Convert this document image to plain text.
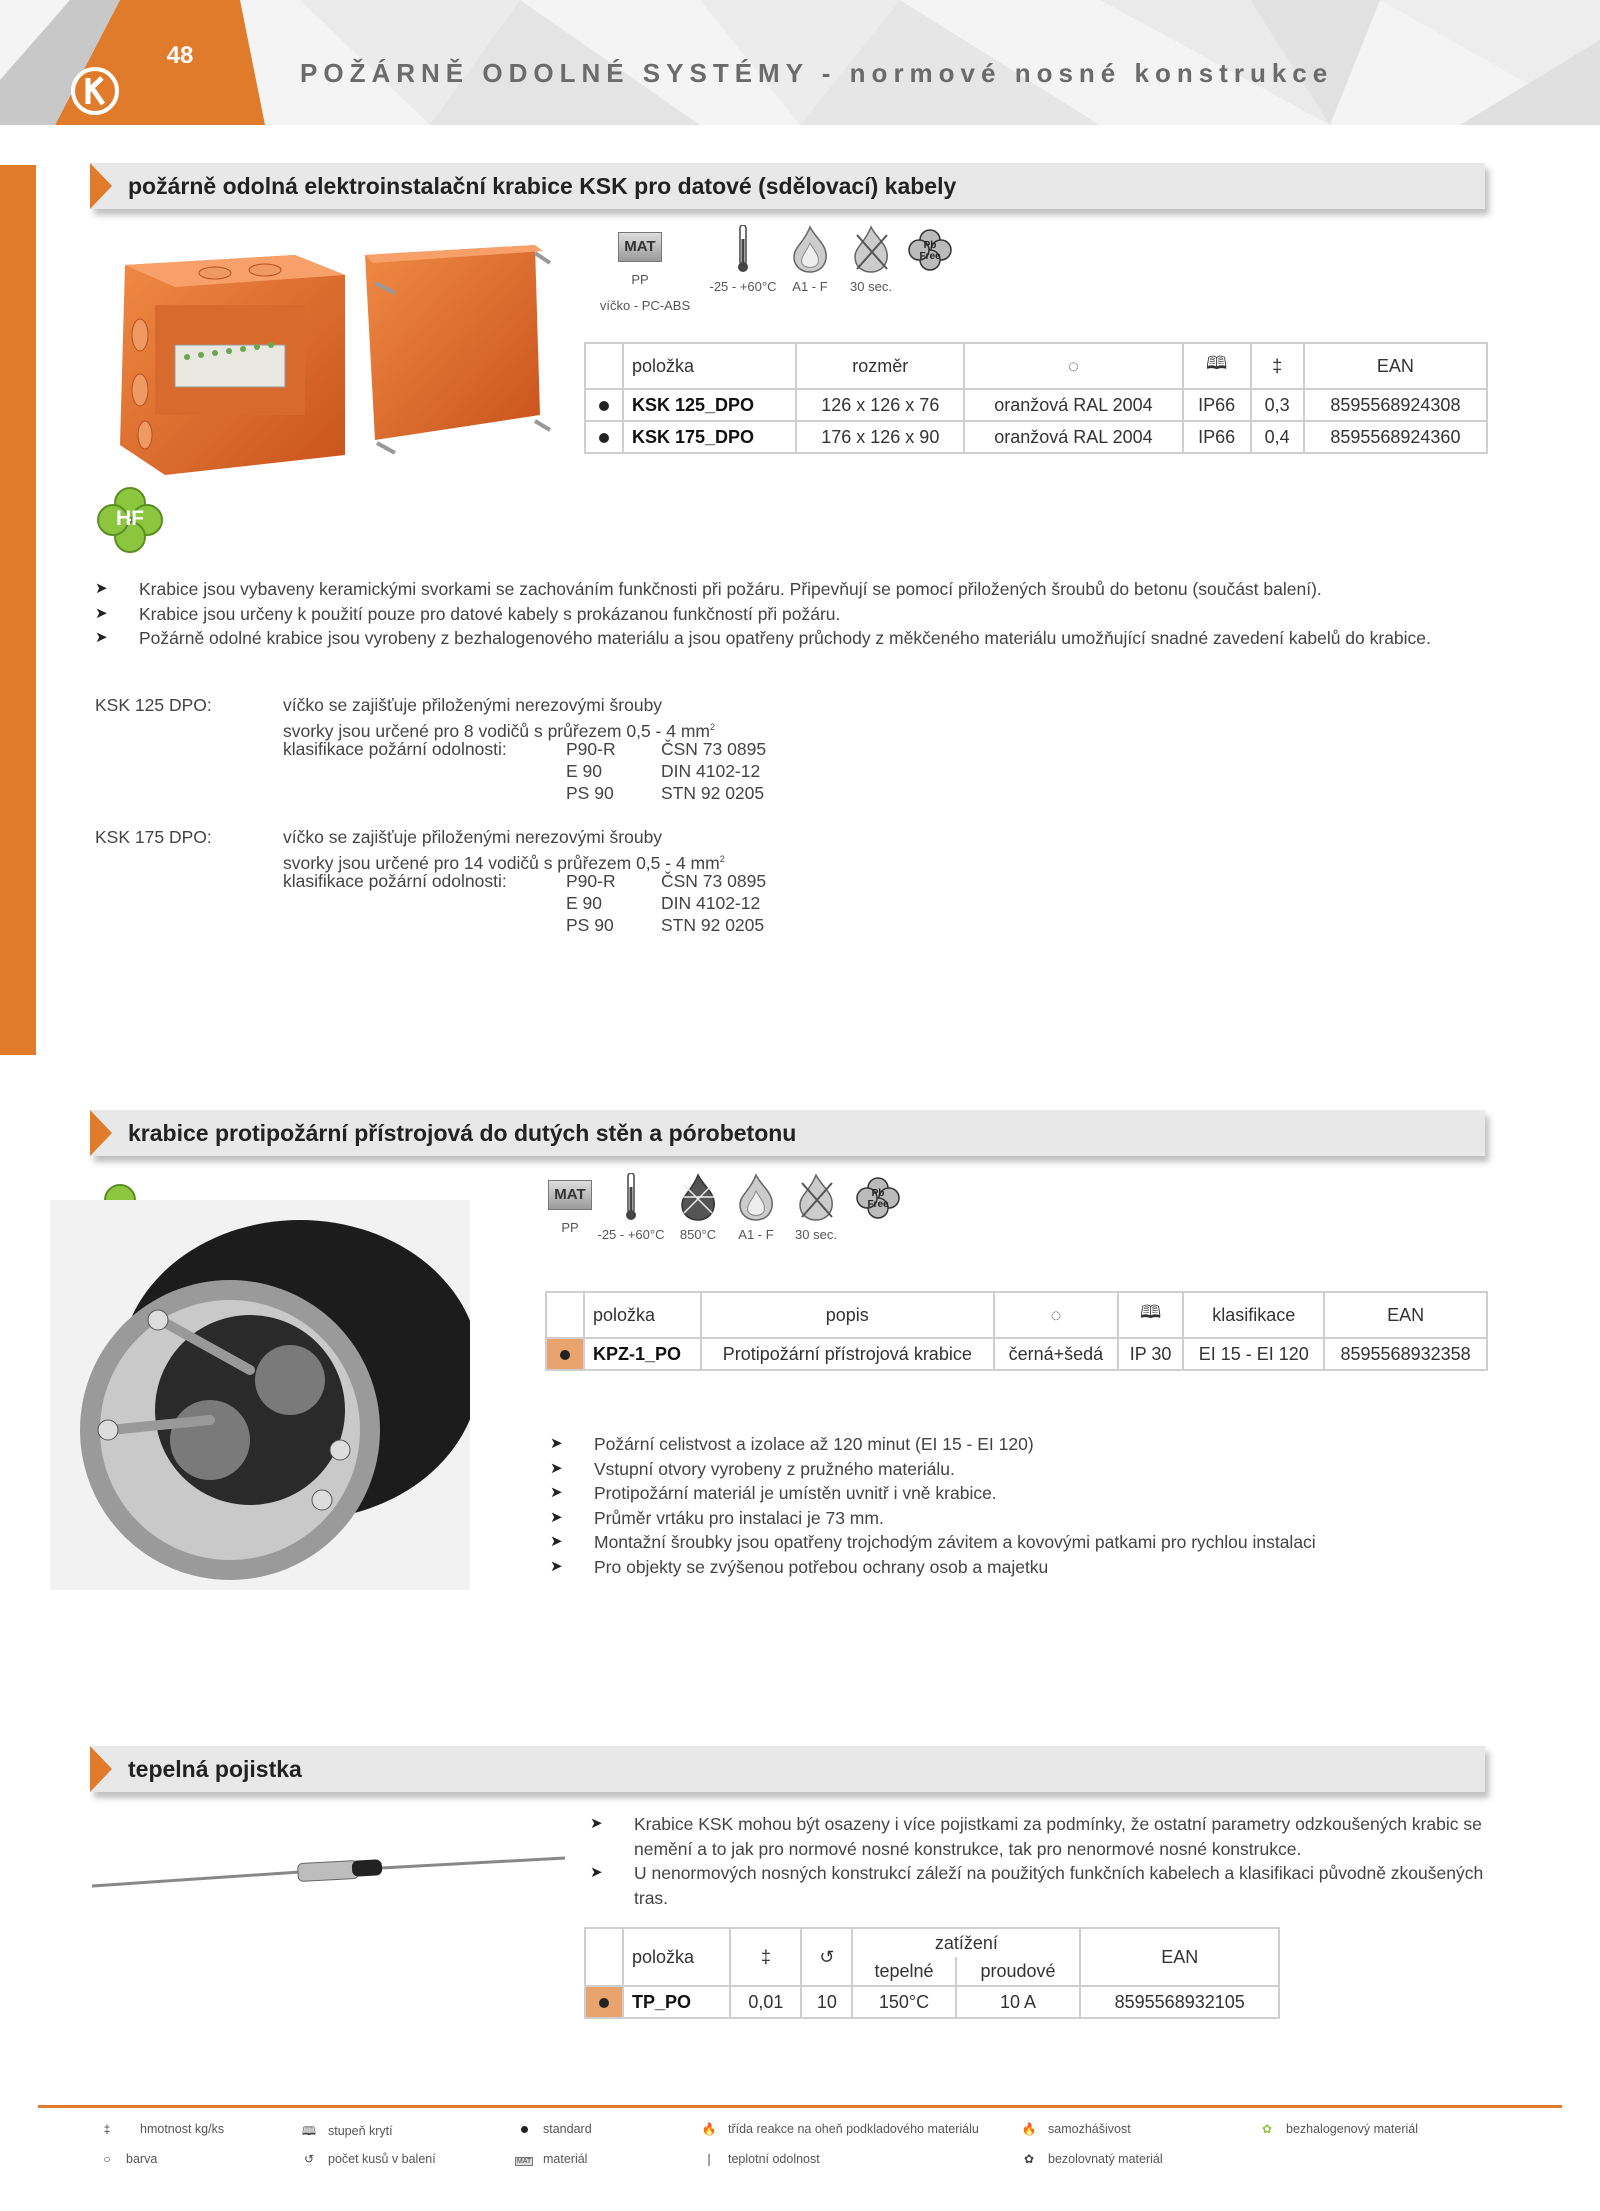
48
POŽÁRNĚ ODOLNÉ SYSTÉMY - normové nosné konstrukce
požárně odolná elektroinstalační krabice KSK pro datové (sdělovací) kabely
HF
MAT
PP
víčko - PC-ABS
-25 - +60°C	A1 - F	30 sec.
Pb
Free
	položka	rozměr	◌	🕮	‡	EAN
	KSK 125_DPO	126 x 126 x 76	oranžová RAL 2004	IP66	0,3	8595568924308
	KSK 175_DPO	176 x 126 x 90	oranžová RAL 2004	IP66	0,4	8595568924360
➤ Krabice jsou vybaveny keramickými svorkami se zachováním funkčnosti při požáru. Připevňují se pomocí přiložených šroubů do betonu (součást balení).
➤ Krabice jsou určeny k použití pouze pro datové kabely s prokázanou funkčností při požáru.
➤ Požárně odolné krabice jsou vyrobeny z bezhalogenového materiálu a jsou opatřeny průchody z měkčeného materiálu umožňující snadné zavedení kabelů do krabice.
KSK 125 DPO:	víčko se zajišťuje přiloženými nerezovými šrouby
svorky jsou určené pro 8 vodičů s průřezem 0,5 - 4 $mm^2$
klasifikace požární odolnosti:	P90-R	ČSN 73 0895
E 90	DIN 4102-12
PS 90	STN 92 0205
KSK 175 DPO:	víčko se zajišťuje přiloženými nerezovými šrouby
svorky jsou určené pro 14 vodičů s průřezem 0,5 - 4 $mm^2$
klasifikace požární odolnosti:	P90-R	ČSN 73 0895
E 90	DIN 4102-12
PS 90	STN 92 0205
krabice protipožární přístrojová do dutých stěn a pórobetonu
MAT
PP	-25 - +60°C	850°C	A1 - F	30 sec.
Pb
Free
	položka	popis	◌	🕮	klasifikace	EAN
	KPZ-1_PO	Protipožární přístrojová krabice	černá+šedá	IP 30	EI 15 - EI 120	8595568932358
➤ Požární celistvost a izolace až 120 minut (EI 15 - EI 120)
➤ Vstupní otvory vyrobeny z pružného materiálu.
➤ Protipožární materiál je umístěn uvnitř i vně krabice.
➤ Průměr vrtáku pro instalaci je 73 mm.
➤ Montažní šroubky jsou opatřeny trojchodým závitem a kovovými patkami pro rychlou instalaci
➤ Pro objekty se zvýšenou potřebou ochrany osob a majetku
tepelná pojistka
➤ Krabice KSK mohou být osazeny i více pojistkami za podmínky, že ostatní parametry odzkoušených krabic se nemění a to jak pro normové nosné konstrukce, tak pro nenormové nosné konstrukce.
➤ U nenormových nosných konstrukcí záleží na použitých funkčních kabelech a klasifikaci původně zkoušených tras.
	položka	‡	↺	zatížení		EAN
				tepelné	proudové	
	TP_PO	0,01	10	150°C	10 A	8595568932105
‡ hmotnost kg/ks	🕮 stupeň krytí	standard	🔥 třída reakce na oheň podkladového materiálu	🔥 samozhášivost	✿ bezhalogenový materiál
○ barva	↺ počet kusů v balení	MAT materiál	❘ teplotní odolnost	✿ bezolovnatý materiál
